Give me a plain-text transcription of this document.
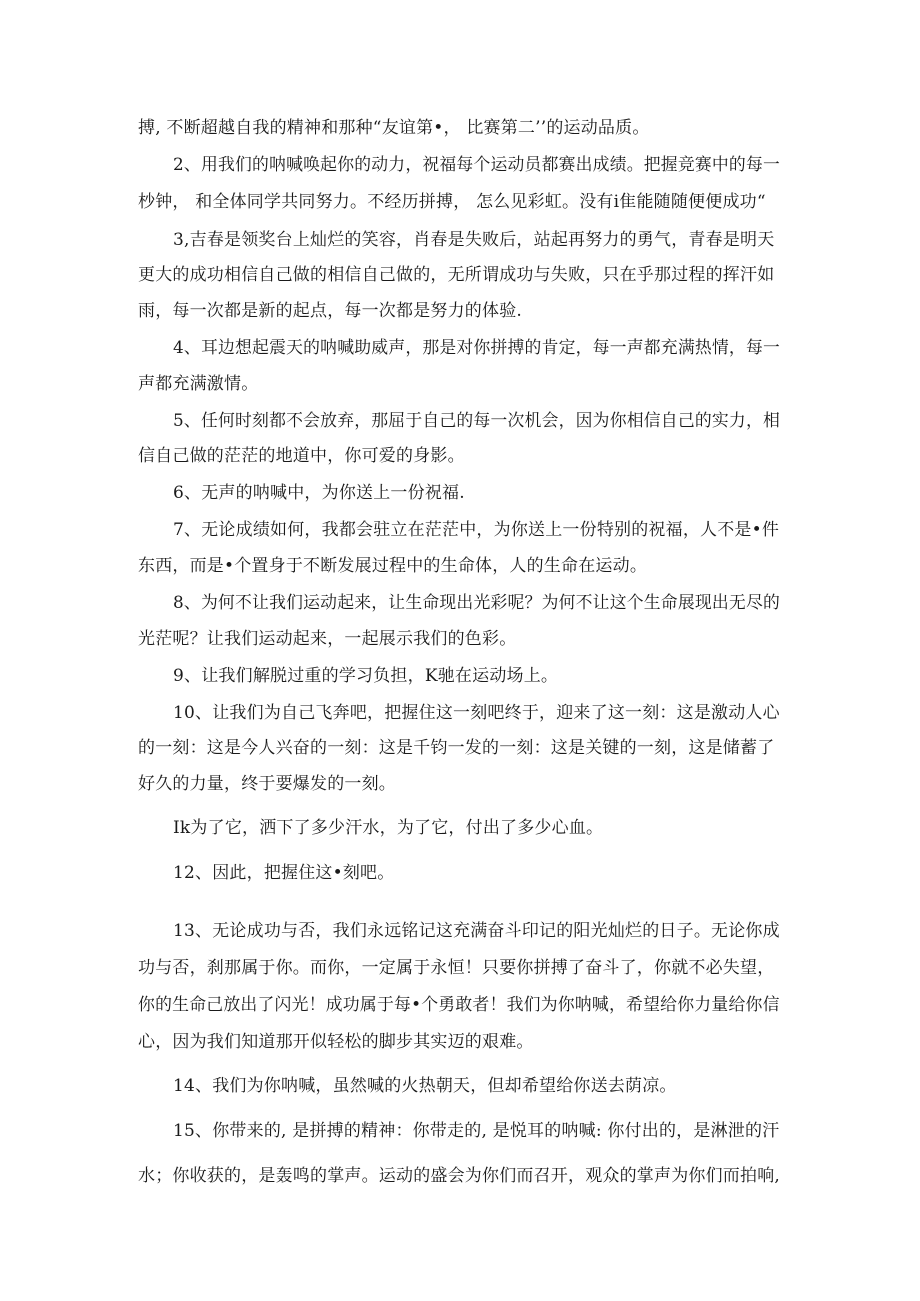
搏, 不断超越自我的精神和那种“友谊第•， 比赛第二’’的运动品质。

2、用我们的呐喊唤起你的动力，祝福每个运动员都赛出成绩。把握竞赛中的每一

杪钟， 和全体同学共同努力。不经历拼搏， 怎么见彩虹。没有i隹能随随便便成功“

3,吉春是领奖台上灿烂的笑容，肖春是失败后，站起再努力的勇气，青春是明天

更大的成功相信自己做的相信自己做的，无所谓成功与失败，只在乎那过程的挥汗如

雨，每一次都是新的起点，每一次都是努力的体验.

4、耳边想起震天的呐喊助威声，那是对你拼搏的肯定，每一声都充满热情，每一

声都充满激情。

5、任何时刻都不会放弃，那屈于自己的每一次机会，因为你相信自己的实力，相

信自己做的茫茫的地道中，你可爱的身影。

6、无声的呐喊中，为你送上一份祝福.

7、无论成绩如何，我都会驻立在茫茫中，为你送上一份特别的祝福，人不是•件

东西，而是•个置身于不断发展过程中的生命体，人的生命在运动。

8、为何不让我们运动起来，让生命现出光彩呢？为何不让这个生命展现出无尽的

光茫呢？让我们运动起来，一起展示我们的色彩。

9、让我们解脱过重的学习负担，K驰在运动场上。

10、让我们为自己飞奔吧，把握住这一刻吧终于，迎来了这一刻：这是激动人心

的一刻：这是今人兴奋的一刻：这是千钧一发的一刻：这是关键的一刻，这是储蓄了

好久的力量，终于要爆发的一刻。

Ik为了它，洒下了多少汗水，为了它，付出了多少心血。

12、因此，把握住这•刻吧。

13、无论成功与否，我们永远铭记这充满奋斗印记的阳光灿烂的日子。无论你成

功与否，刹那属于你。而你，一定属于永恒！只要你拼搏了奋斗了，你就不必失望，

你的生命己放出了闪光！成功属于每•个勇敢者！我们为你呐喊，希望给你力量给你信

心，因为我们知道那开似轻松的脚步其实迈的艰难。

14、我们为你呐喊，虽然喊的火热朝天，但却希望给你送去荫凉。

15、你带来的, 是拼搏的精神：你带走的, 是悦耳的呐喊: 你付出的，是淋泄的汗

水；你收获的，是轰鸣的掌声。运动的盛会为你们而召开，观众的掌声为你们而拍响,
